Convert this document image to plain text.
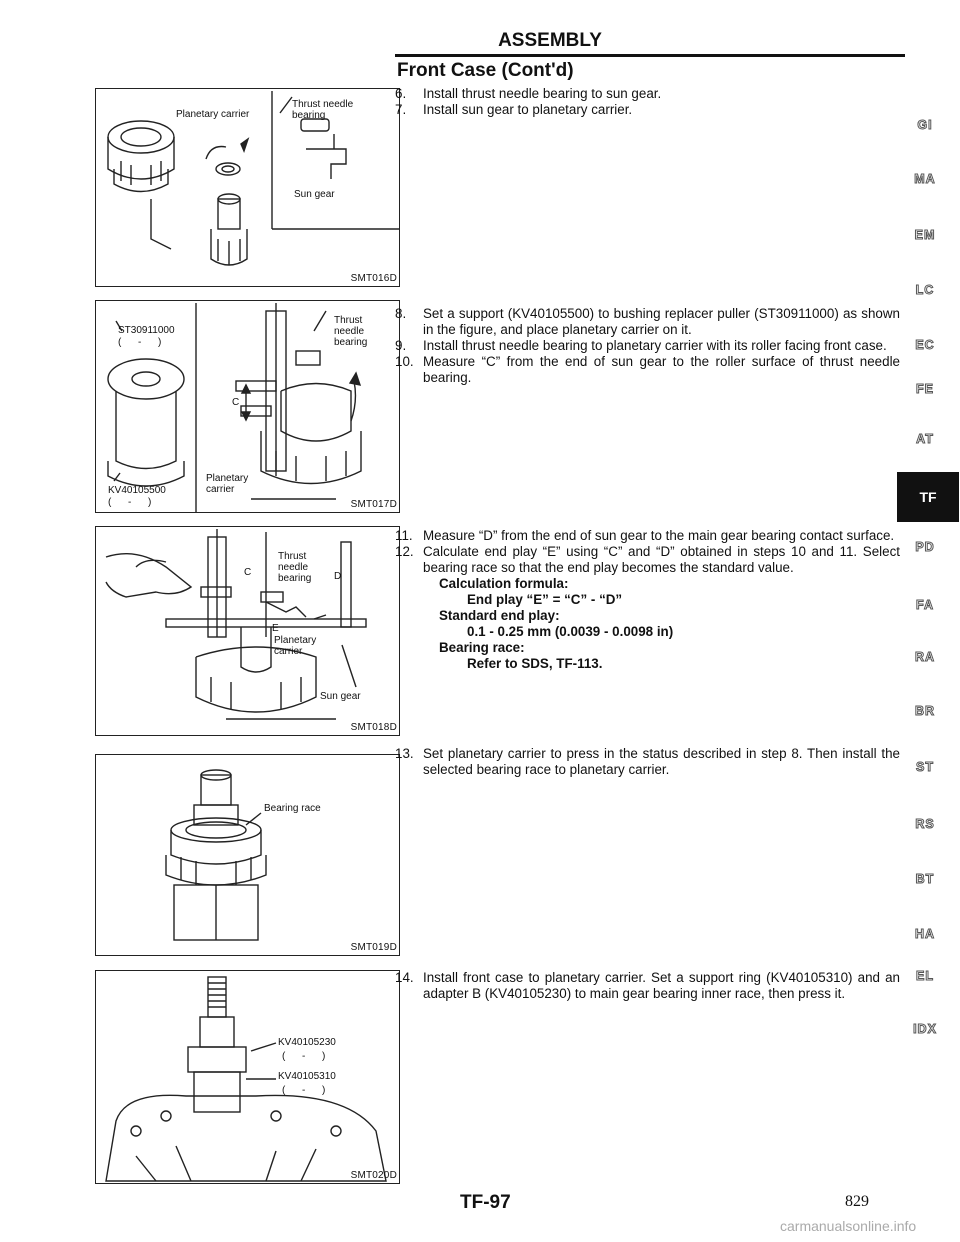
ASSEMBLY
Front Case (Cont'd)
Planetary carrier
Thrust needle
bearing
Sun gear
SMT016D
ST30911000
(      -      )
Thrust
needle
bearing
C
Planetary
carrier
KV40105500
(      -      )	SMT017D
Thrust
needle
bearing
C	D
E
Planetary
carrier
Sun gear
SMT018D
Bearing race
SMT019D
KV40105230
(      -      )
KV40105310
(      -      )
SMT020D
6.	Install thrust needle bearing to sun gear.
7.	Install sun gear to planetary carrier.
8.	Set a support (KV40105500) to bushing replacer puller (ST30911000) as shown in the figure, and place planetary carrier on it.
9.	Install thrust needle bearing to planetary carrier with its roller facing front case.
10. Measure “C” from the end of sun gear to the roller surface of thrust needle bearing.
11. Measure “D” from the end of sun gear to the main gear bearing contact surface.
12. Calculate end play “E” using “C” and “D” obtained in steps 10 and 11. Select bearing race so that the end play becomes the standard value.
Calculation formula:
End play “E” = “C” - “D”
Standard end play:
0.1 - 0.25 mm (0.0039 - 0.0098 in)
Bearing race:
Refer to SDS, TF-113.
13. Set planetary carrier to press in the status described in step 8. Then install the selected bearing race to planetary carrier.
14. Install front case to planetary carrier. Set a support ring (KV40105310) and an adapter B (KV40105230) to main gear bearing inner race, then press it.
GI
MA
EM
LC
EC
FE
AT
TF
PD
FA
RA
BR
ST
RS
BT
HA
EL
IDX
TF-97	829
carmanualsonline.info
